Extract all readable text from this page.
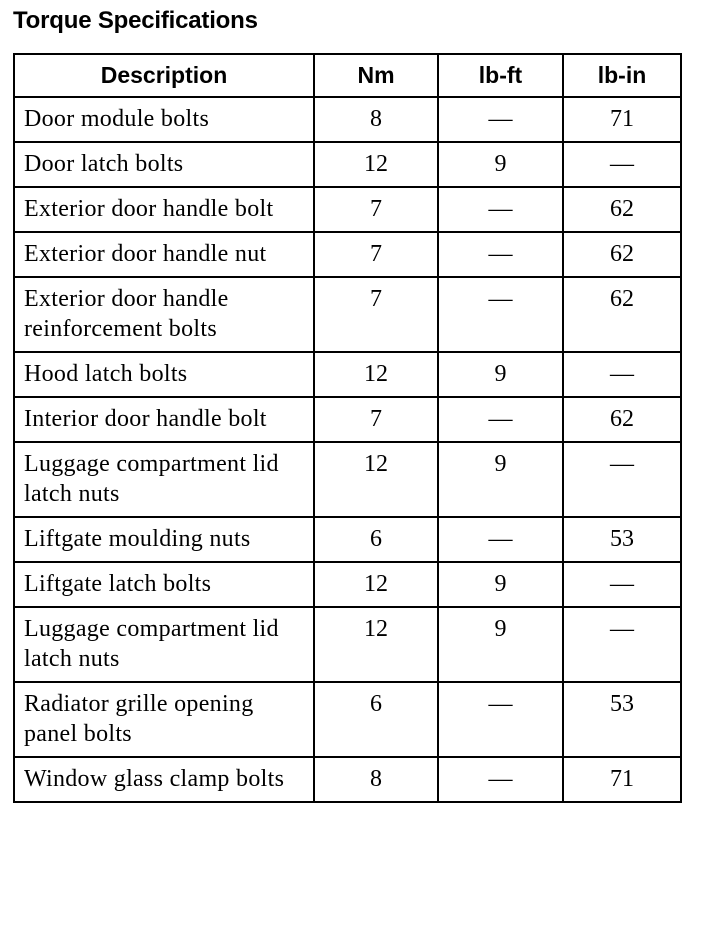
Torque Specifications
Description	Nm	lb-ft	lb-in
Door module bolts	8	—	71
Door latch bolts	12	9	—
Exterior door handle bolt	7	—	62
Exterior door handle nut	7	—	62
Exterior door handle reinforcement bolts	7	—	62
Hood latch bolts	12	9	—
Interior door handle bolt	7	—	62
Luggage compartment lid latch nuts	12	9	—
Liftgate moulding nuts	6	—	53
Liftgate latch bolts	12	9	—
Luggage compartment lid latch nuts	12	9	—
Radiator grille opening panel bolts	6	—	53
Window glass clamp bolts	8	—	71
